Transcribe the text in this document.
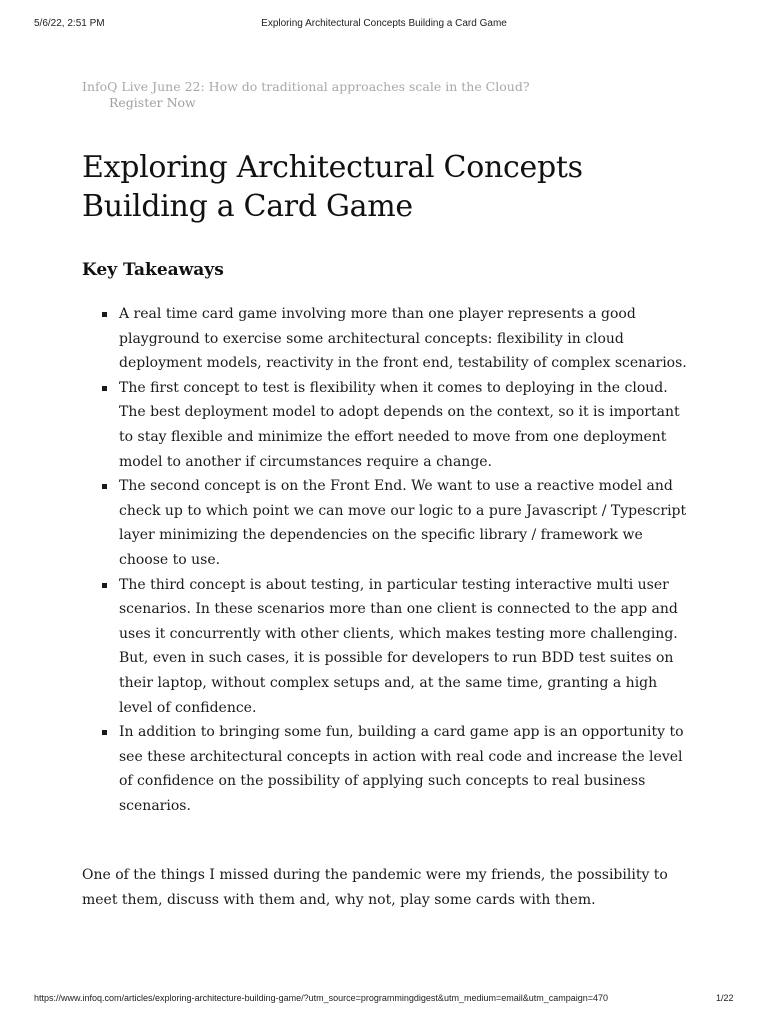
5/6/22, 2:51 PM	Exploring Architectural Concepts Building a Card Game
InfoQ Live June 22: How do traditional approaches scale in the Cloud?
Register Now
Exploring Architectural Concepts Building a Card Game
Key Takeaways
A real time card game involving more than one player represents a good playground to exercise some architectural concepts: flexibility in cloud deployment models, reactivity in the front end, testability of complex scenarios.
The first concept to test is flexibility when it comes to deploying in the cloud. The best deployment model to adopt depends on the context, so it is important to stay flexible and minimize the effort needed to move from one deployment model to another if circumstances require a change.
The second concept is on the Front End. We want to use a reactive model and check up to which point we can move our logic to a pure Javascript / Typescript layer minimizing the dependencies on the specific library / framework we choose to use.
The third concept is about testing, in particular testing interactive multi user scenarios. In these scenarios more than one client is connected to the app and uses it concurrently with other clients, which makes testing more challenging. But, even in such cases, it is possible for developers to run BDD test suites on their laptop, without complex setups and, at the same time, granting a high level of confidence.
In addition to bringing some fun, building a card game app is an opportunity to see these architectural concepts in action with real code and increase the level of confidence on the possibility of applying such concepts to real business scenarios.

One of the things I missed during the pandemic were my friends, the possibility to meet them, discuss with them and, why not, play some cards with them.

https://www.infoq.com/articles/exploring-architecture-building-game/?utm_source=programmingdigest&utm_medium=email&utm_campaign=470	1/22
